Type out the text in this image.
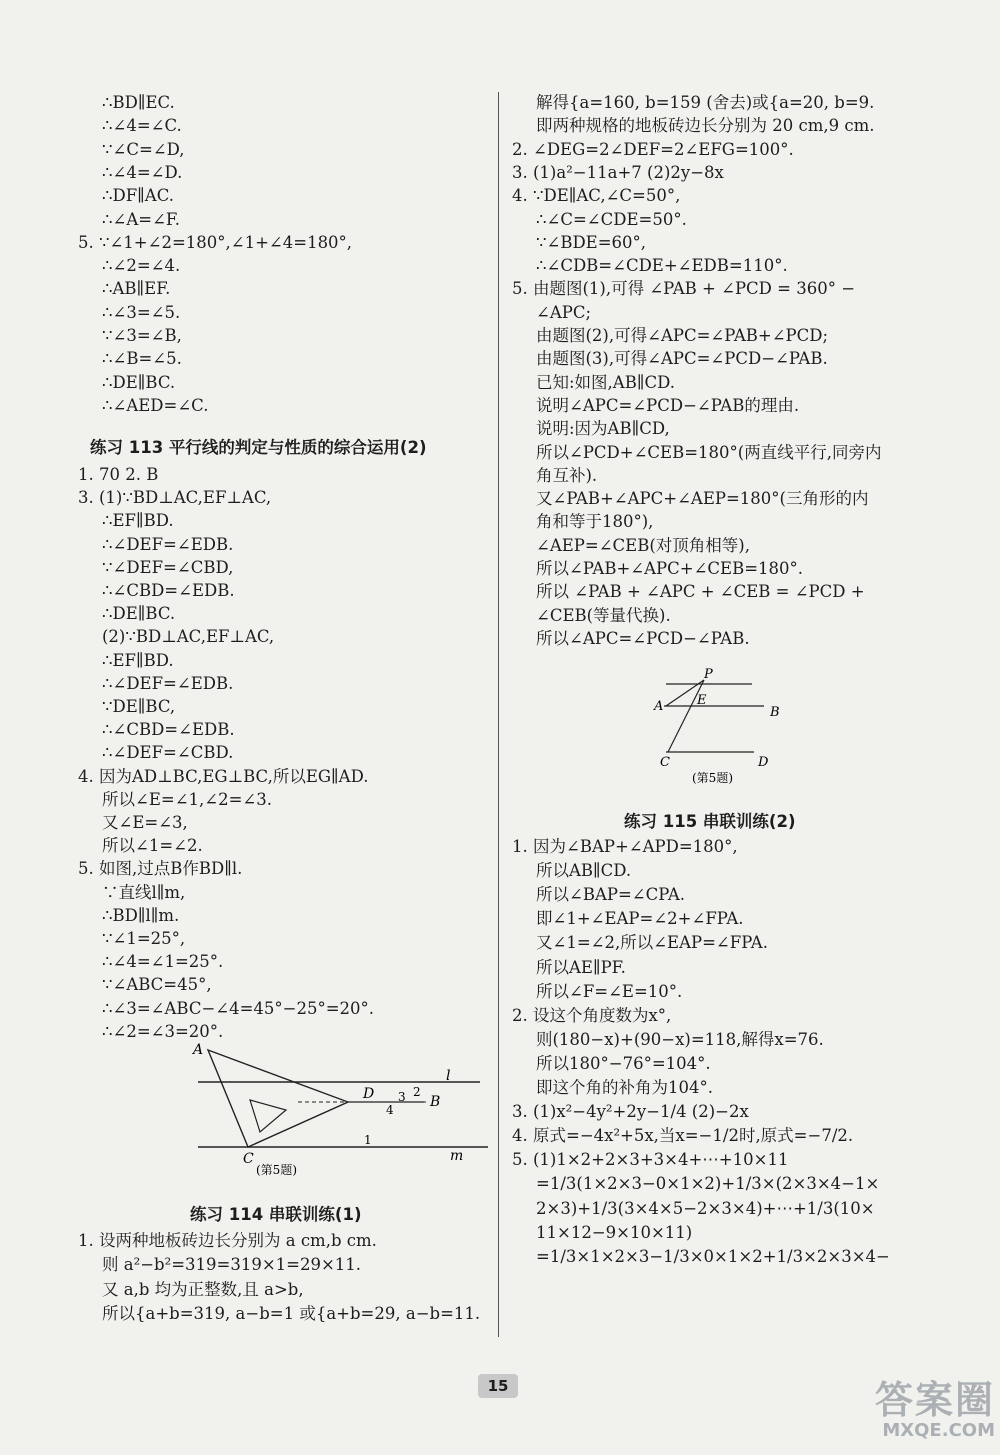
∴BD∥EC.
∴∠4=∠C.
∵∠C=∠D,
∴∠4=∠D.
∴DF∥AC.
∴∠A=∠F.
5. ∵∠1+∠2=180°,∠1+∠4=180°,
∴∠2=∠4.
∴AB∥EF.
∴∠3=∠5.
∵∠3=∠B,
∴∠B=∠5.
∴DE∥BC.
∴∠AED=∠C.
练习 113 平行线的判定与性质的综合运用(2)
1. 70 2. B
3. (1)∵BD⊥AC,EF⊥AC,
∴EF∥BD.
∴∠DEF=∠EDB.
∵∠DEF=∠CBD,
∴∠CBD=∠EDB.
∴DE∥BC.
(2)∵BD⊥AC,EF⊥AC,
∴EF∥BD.
∴∠DEF=∠EDB.
∵DE∥BC,
∴∠CBD=∠EDB.
∴∠DEF=∠CBD.
4. 因为AD⊥BC,EG⊥BC,所以EG∥AD.
所以∠E=∠1,∠2=∠3.
又∠E=∠3,
所以∠1=∠2.
5. 如图,过点B作BD∥l.
∵直线l∥m,
∴BD∥l∥m.
∵∠1=25°,
∴∠4=∠1=25°.
∵∠ABC=45°,
∴∠3=∠ABC−∠4=45°−25°=20°.
∴∠2=∠3=20°.
A
B
C
D
1
2
3
4
l
m
(第5题)
练习 114 串联训练(1)
1. 设两种地板砖边长分别为 a cm,b cm.
则 a²−b²=319=319×1=29×11.
又 a,b 均为正整数,且 a>b,
所以{a+b=319, a−b=1 或{a+b=29, a−b=11.
解得{a=160, b=159 (舍去)或{a=20, b=9.
即两种规格的地板砖边长分别为 20 cm,9 cm.
2. ∠DEG=2∠DEF=2∠EFG=100°.
3. (1)a²−11a+7 (2)2y−8x
4. ∵DE∥AC,∠C=50°,
∴∠C=∠CDE=50°.
∵∠BDE=60°,
∴∠CDB=∠CDE+∠EDB=110°.
5. 由题图(1),可得 ∠PAB + ∠PCD = 360° −
∠APC;
由题图(2),可得∠APC=∠PAB+∠PCD;
由题图(3),可得∠APC=∠PCD−∠PAB.
已知:如图,AB∥CD.
说明∠APC=∠PCD−∠PAB的理由.
说明:因为AB∥CD,
所以∠PCD+∠CEB=180°(两直线平行,同旁内
角互补).
又∠PAB+∠APC+∠AEP=180°(三角形的内
角和等于180°),
∠AEP=∠CEB(对顶角相等),
所以∠PAB+∠APC+∠CEB=180°.
所以 ∠PAB + ∠APC + ∠CEB = ∠PCD +
∠CEB(等量代换).
所以∠APC=∠PCD−∠PAB.
P
A	E
B
C	D
(第5题)
练习 115 串联训练(2)
1. 因为∠BAP+∠APD=180°,
所以AB∥CD.
所以∠BAP=∠CPA.
即∠1+∠EAP=∠2+∠FPA.
又∠1=∠2,所以∠EAP=∠FPA.
所以AE∥PF.
所以∠F=∠E=10°.
2. 设这个角度数为x°,
则(180−x)+(90−x)=118,解得x=76.
所以180°−76°=104°.
即这个角的补角为104°.
3. (1)x²−4y²+2y−1/4 (2)−2x
4. 原式=−4x²+5x,当x=−1/2时,原式=−7/2.
5. (1)1×2+2×3+3×4+⋯+10×11
=1/3(1×2×3−0×1×2)+1/3×(2×3×4−1×
2×3)+1/3(3×4×5−2×3×4)+⋯+1/3(10×
11×12−9×10×11)
=1/3×1×2×3−1/3×0×1×2+1/3×2×3×4−
15	答案圈
MXQE.COM
